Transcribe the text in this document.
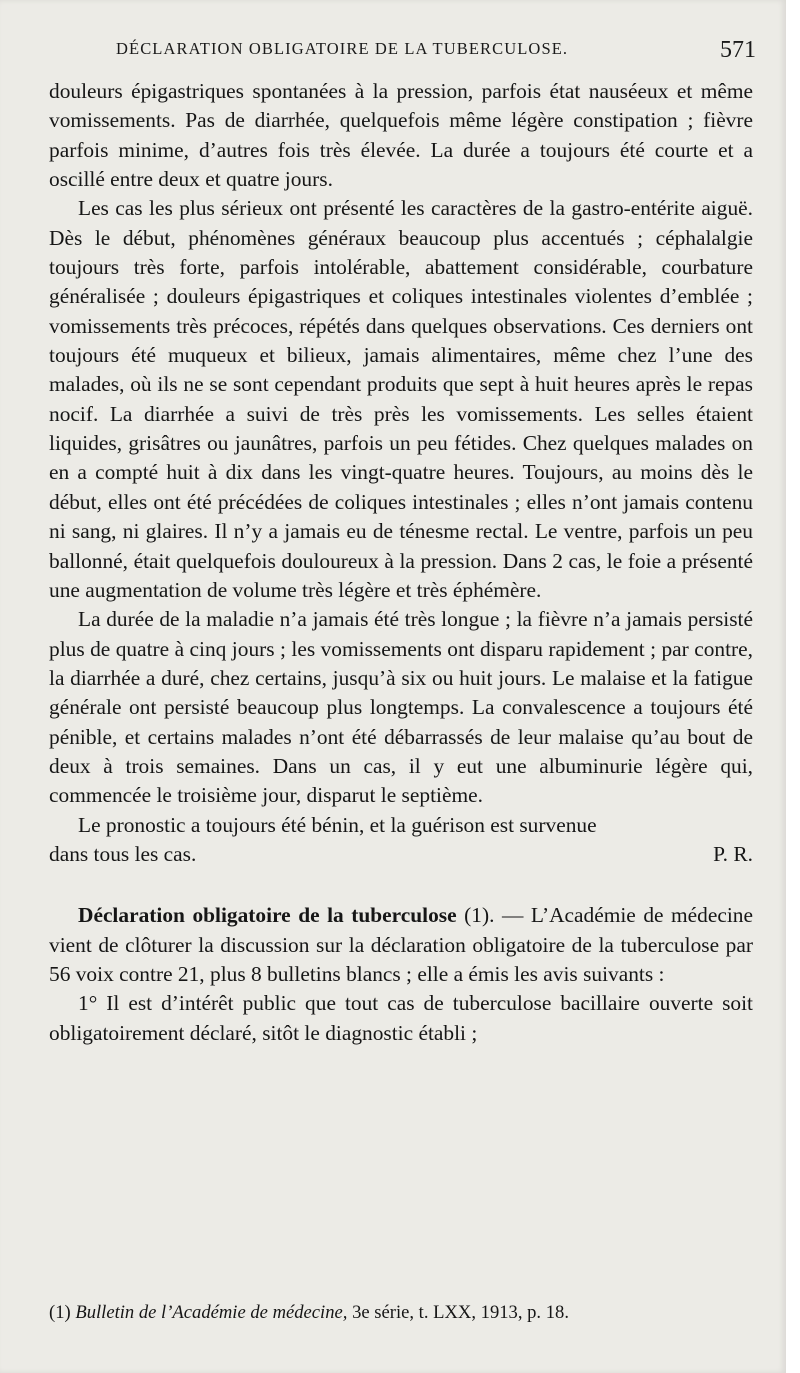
DÉCLARATION OBLIGATOIRE DE LA TUBERCULOSE.	571

douleurs épigastriques spontanées à la pression, parfois état nauséeux et même vomissements. Pas de diarrhée, quelquefois même légère constipation ; fièvre parfois minime, d’autres fois très élevée. La durée a toujours été courte et a oscillé entre deux et quatre jours.

Les cas les plus sérieux ont présenté les caractères de la gastro-entérite aiguë. Dès le début, phénomènes généraux beaucoup plus accentués ; céphalalgie toujours très forte, parfois intolérable, abattement considérable, courbature généralisée ; douleurs épigastriques et coliques intestinales violentes d’emblée ; vomissements très précoces, répétés dans quelques observations. Ces derniers ont toujours été muqueux et bilieux, jamais alimentaires, même chez l’une des malades, où ils ne se sont cependant produits que sept à huit heures après le repas nocif. La diarrhée a suivi de très près les vomissements. Les selles étaient liquides, grisâtres ou jaunâtres, parfois un peu fétides. Chez quelques malades on en a compté huit à dix dans les vingt-quatre heures. Toujours, au moins dès le début, elles ont été précédées de coliques intestinales ; elles n’ont jamais contenu ni sang, ni glaires. Il n’y a jamais eu de ténesme rectal. Le ventre, parfois un peu ballonné, était quelquefois douloureux à la pression. Dans 2 cas, le foie a présenté une augmentation de volume très légère et très éphémère.

La durée de la maladie n’a jamais été très longue ; la fièvre n’a jamais persisté plus de quatre à cinq jours ; les vomissements ont disparu rapidement ; par contre, la diarrhée a duré, chez certains, jusqu’à six ou huit jours. Le malaise et la fatigue générale ont persisté beaucoup plus longtemps. La convalescence a toujours été pénible, et certains malades n’ont été débarrassés de leur malaise qu’au bout de deux à trois semaines. Dans un cas, il y eut une albuminurie légère qui, commencée le troisième jour, disparut le septième.

Le pronostic a toujours été bénin, et la guérison est survenue

dans tous les cas.	P. R.

Déclaration obligatoire de la tuberculose (1). — L’Académie de médecine vient de clôturer la discussion sur la déclaration obligatoire de la tuberculose par 56 voix contre 21, plus 8 bulletins blancs ; elle a émis les avis suivants :

1° Il est d’intérêt public que tout cas de tuberculose bacillaire ouverte soit obligatoirement déclaré, sitôt le diagnostic établi ;

(1) Bulletin de l’Académie de médecine, 3e série, t. LXX, 1913, p. 18.
